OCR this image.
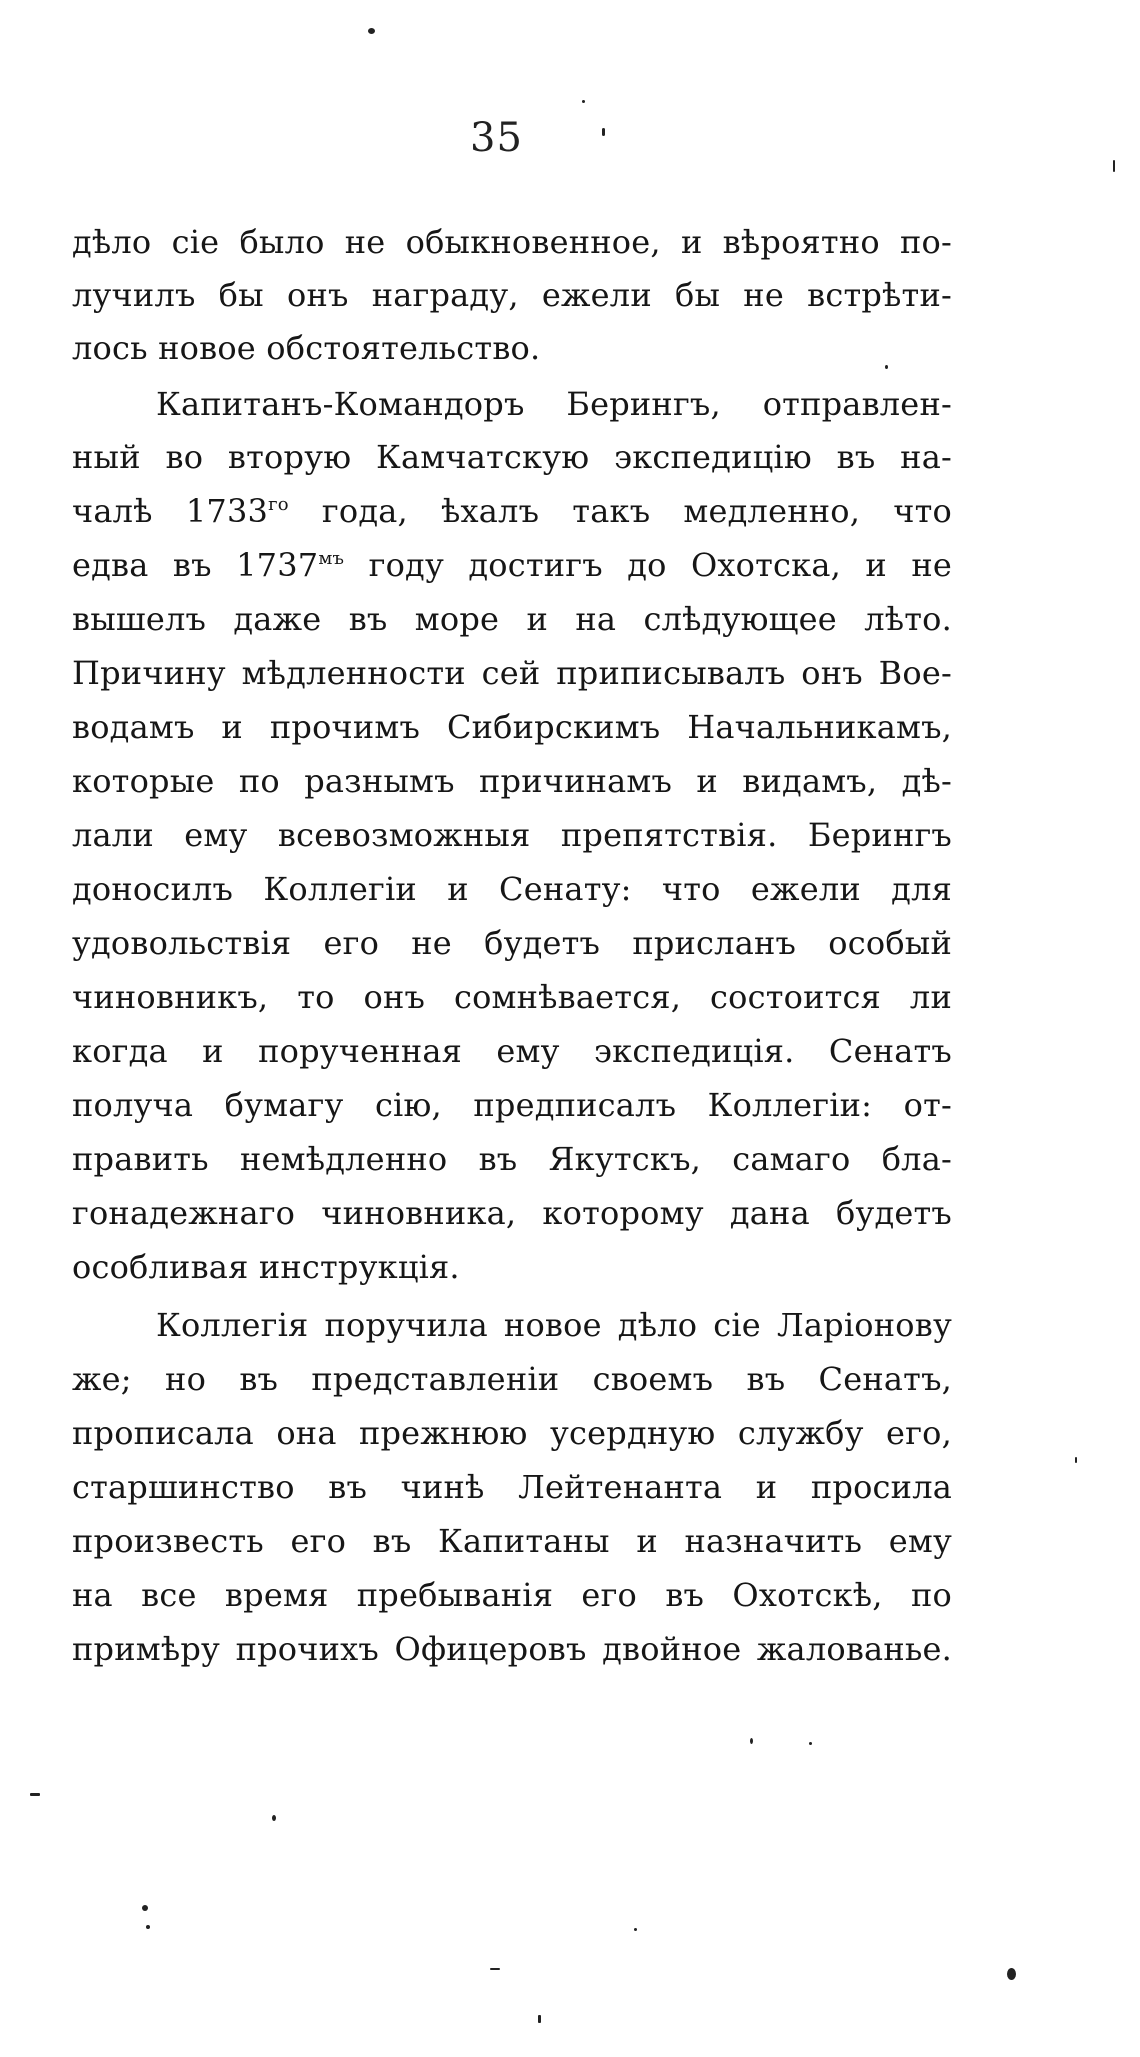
35
дѣло сіе было не обыкновенное, и вѣроятно по-
лучилъ бы онъ награду, ежели бы не встрѣти-
лось новое обстоятельство.
Капитанъ-Командоръ Берингъ, отправлен-
ный во вторую Камчатскую экспедицію въ на-
чалѣ $1733^{го}$ года, ѣхалъ такъ медленно, что
едва въ $1737^{мъ}$ году достигъ до Охотска, и не
вышелъ даже въ море и на слѣдующее лѣто.
Причину мѣдленности сей приписывалъ онъ Вое-
водамъ и прочимъ Сибирскимъ Начальникамъ,
которые по разнымъ причинамъ и видамъ, дѣ-
лали ему всевозможныя препятствія. Берингъ
доносилъ Коллегіи и Сенату: что ежели для
удовольствія его не будетъ присланъ особый
чиновникъ, то онъ сомнѣвается, состоится ли
когда и порученная ему экспедиція. Сенатъ
получа бумагу сію, предписалъ Коллегіи: от-
править немѣдленно въ Якутскъ, самаго бла-
гонадежнаго чиновника, которому дана будетъ
особливая инструкція.
Коллегія поручила новое дѣло сіе Ларіонову
же; но въ представленіи своемъ въ Сенатъ,
прописала она прежнюю усердную службу его,
старшинство въ чинѣ Лейтенанта и просила
произвесть его въ Капитаны и назначить ему
на все время пребыванія его въ Охотскѣ, по
примѣру прочихъ Офицеровъ двойное жалованье.
